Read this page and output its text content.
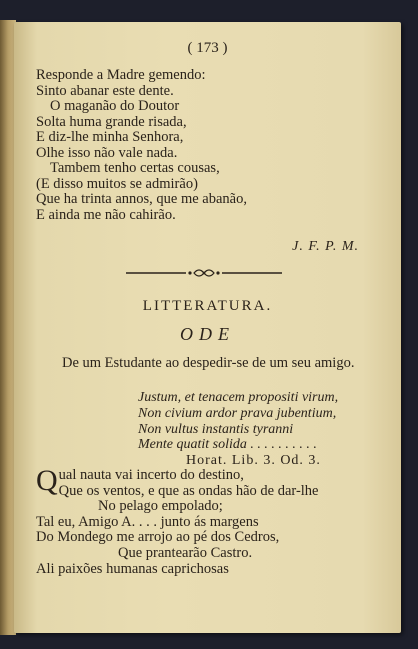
( 173 )
Responde a Madre gemendo:
Sinto abanar este dente.
O maganão do Doutor
Solta huma grande risada,
E diz-lhe minha Senhora,
Olhe isso não vale nada.
Tambem tenho certas cousas,
(E disso muitos se admirão)
Que ha trinta annos, que me abanão,
E ainda me não cahirão.
J. F. P. M.
LITTERATURA.
ODE
De um Estudante ao despedir-se de um seu amigo.
Justum, et tenacem propositi virum,
Non civium ardor prava jubentium,
Non vultus instantis tyranni
Mente quatit solida . . . . . . . . . .
Horat. Lib. 3. Od. 3.
Q ual nauta vai incerto do destino,
Que os ventos, e que as ondas hão de dar-lhe
No pelago empolado;
Tal eu, Amigo A. . . . junto ás margens
Do Mondego me arrojo ao pé dos Cedros,
Que prantearão Castro.
Ali paixões humanas caprichosas
